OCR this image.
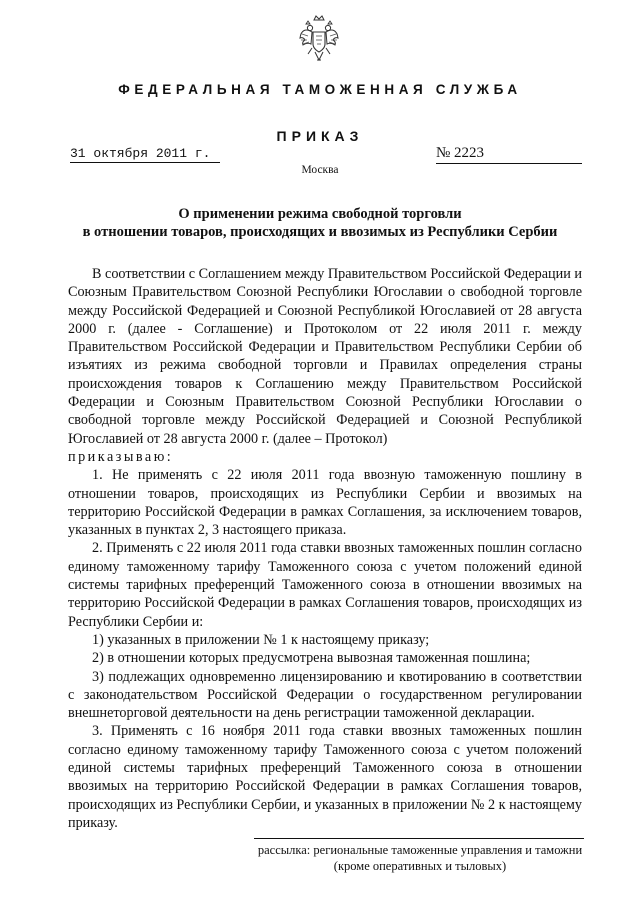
ФЕДЕРАЛЬНАЯ ТАМОЖЕННАЯ СЛУЖБА
ПРИКАЗ
31 октября 2011 г.	№ 2223
Москва
О применении режима свободной торговли
в отношении товаров, происходящих и ввозимых из Республики Сербии

В соответствии с Соглашением между Правительством Российской Федерации и Союзным Правительством Союзной Республики Югославии о свободной торговле между Российской Федерацией и Союзной Республикой Югославией от 28 августа 2000 г. (далее - Соглашение) и Протоколом от 22 июля 2011 г. между Правительством Российской Федерации и Правительством Республики Сербии об изъятиях из режима свободной торговли и Правилах определения страны происхождения товаров к Соглашению между Правительством Российской Федерации и Союзным Правительством Союзной Республики Югославии о свободной торговле между Российской Федерацией и Союзной Республикой Югославией от 28 августа 2000 г. (далее – Протокол)

приказываю:

1. Не применять с 22 июля 2011 года ввозную таможенную пошлину в отношении товаров, происходящих из Республики Сербии и ввозимых на территорию Российской Федерации в рамках Соглашения, за исключением товаров, указанных в пунктах 2, 3 настоящего приказа.

2. Применять с 22 июля 2011 года ставки ввозных таможенных пошлин согласно единому таможенному тарифу Таможенного союза с учетом положений единой системы тарифных преференций Таможенного союза в отношении ввозимых на территорию Российской Федерации в рамках Соглашения товаров, происходящих из Республики Сербии и:

1) указанных в приложении № 1 к настоящему приказу;

2) в отношении которых предусмотрена вывозная таможенная пошлина;

3) подлежащих одновременно лицензированию и квотированию в соответствии с законодательством Российской Федерации о государственном регулировании внешнеторговой деятельности на день регистрации таможенной декларации.

3. Применять с 16 ноября 2011 года ставки ввозных таможенных пошлин согласно единому таможенному тарифу Таможенного союза с учетом положений единой системы тарифных преференций Таможенного союза в отношении ввозимых на территорию Российской Федерации в рамках Соглашения товаров, происходящих из Республики Сербии, и указанных в приложении № 2 к настоящему приказу.

рассылка: региональные таможенные управления и таможни
(кроме оперативных и тыловых)
